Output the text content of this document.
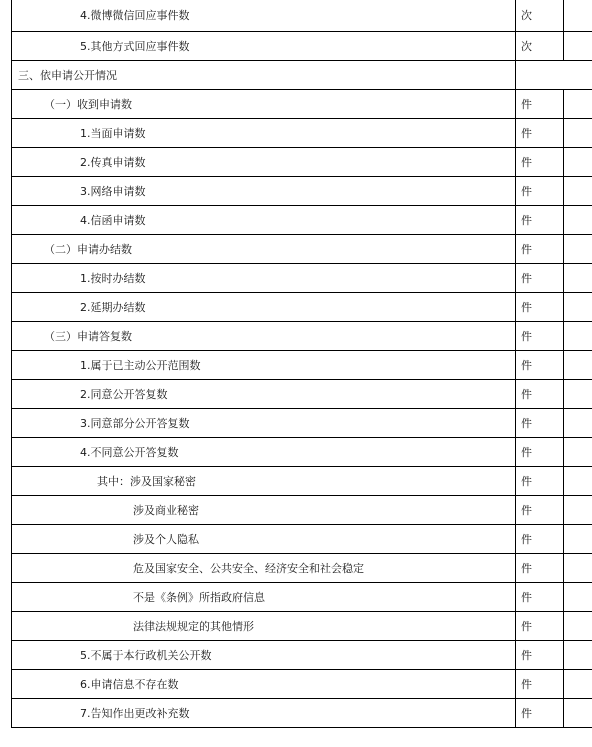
4.微博微信回应事件数	次	
5.其他方式回应事件数	次	
三、依申请公开情况		
（一）收到申请数	件	
1.当面申请数	件	
2.传真申请数	件	
3.网络申请数	件	
4.信函申请数	件	
（二）申请办结数	件	
1.按时办结数	件	
2.延期办结数	件	
（三）申请答复数	件	
1.属于已主动公开范围数	件	
2.同意公开答复数	件	
3.同意部分公开答复数	件	
4.不同意公开答复数	件	
其中：涉及国家秘密	件	
涉及商业秘密	件	
涉及个人隐私	件	
危及国家安全、公共安全、经济安全和社会稳定	件	
不是《条例》所指政府信息	件	
法律法规规定的其他情形	件	
5.不属于本行政机关公开数	件	
6.申请信息不存在数	件	
7.告知作出更改补充数	件	
